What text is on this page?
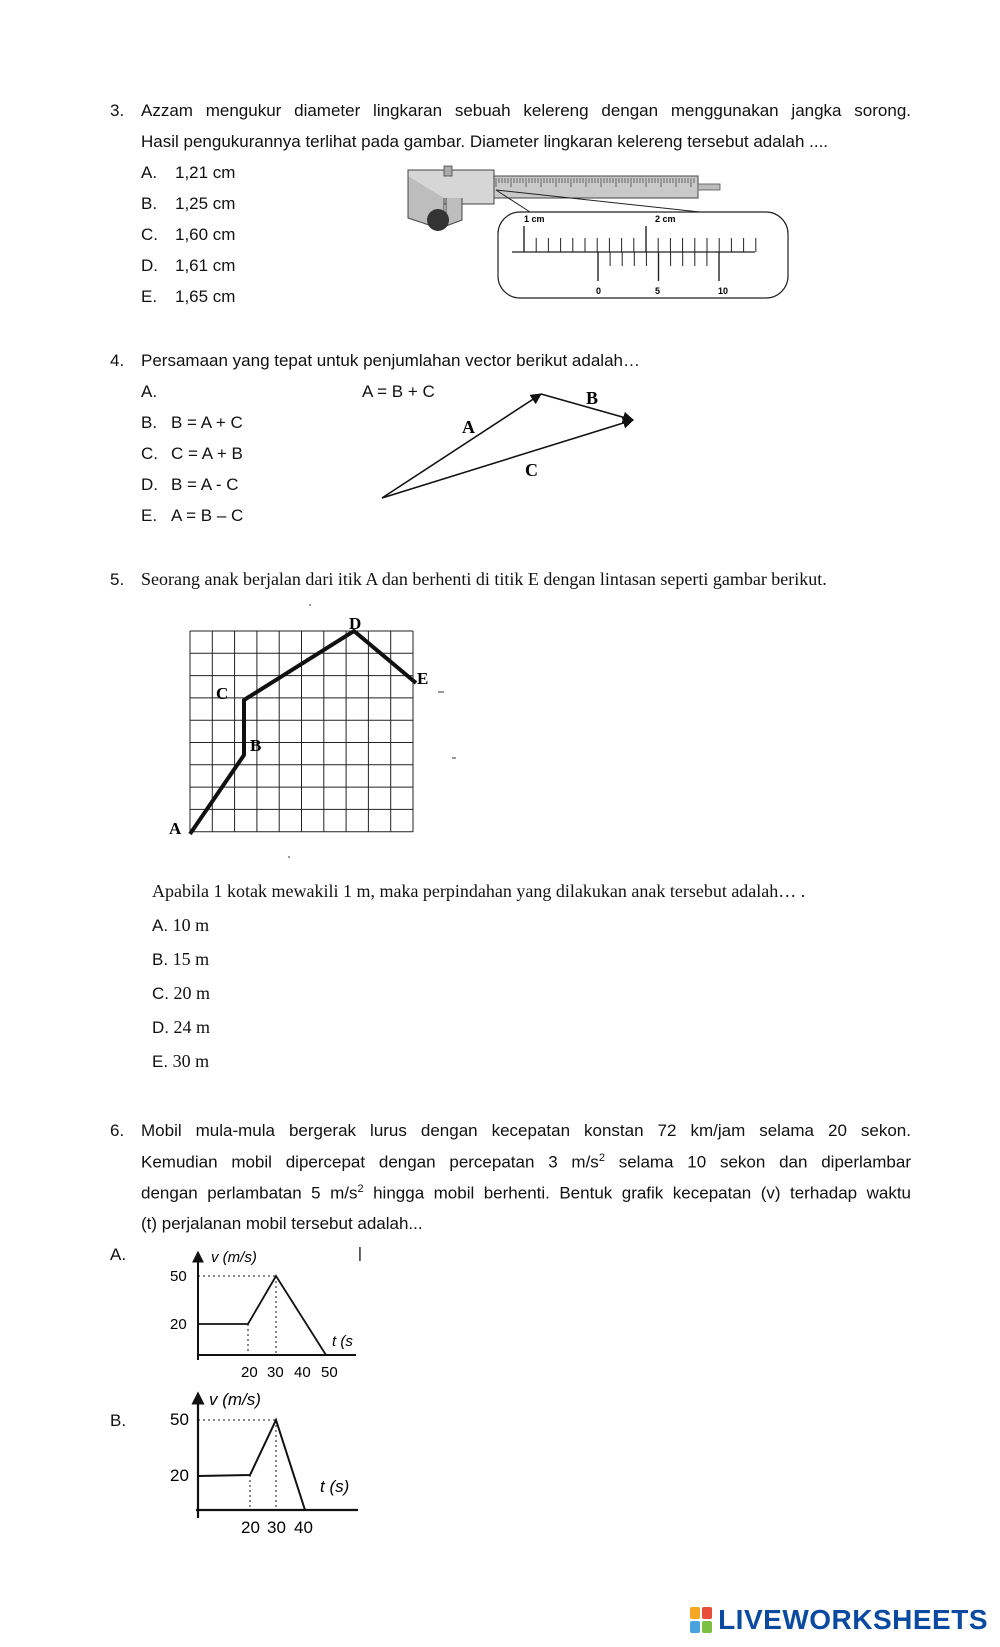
3. Azzam mengukur diameter lingkaran sebuah kelereng dengan menggunakan jangka sorong.
Hasil pengukurannya terlihat pada gambar. Diameter lingkaran kelereng tersebut adalah ....
A. 1,21 cm
B. 1,25 cm
C. 1,60 cm
D. 1,61 cm
E. 1,65 cm
1 cm	2 cm
0	5	10
4. Persamaan yang tepat untuk penjumlahan vector berikut adalah…
A.	A = B + C
B. B = A + C
C. C = A + B
D. B = A - C
E. A = B – C
A
B
C
5. Seorang anak berjalan dari itik A dan berhenti di titik E dengan lintasan seperti gambar berikut.
A
B
C
D
E
Apabila 1 kotak mewakili 1 m, maka perpindahan yang dilakukan anak tersebut adalah… .
A. 10 m
B. 15 m
C. 20 m
D. 24 m
E. 30 m
6. Mobil mula-mula bergerak lurus dengan kecepatan konstan 72 km/jam selama 20 sekon.
Kemudian mobil dipercepat dengan percepatan 3 $m/s^2$ selama 10 sekon dan diperlambar
dengan perlambatan 5 $m/s^2$ hingga mobil berhenti. Bentuk grafik kecepatan (v) terhadap waktu
(t) perjalanan mobil tersebut adalah...
A.
B.
v (m/s)
t (s
50
20
20 30 40 50
|
v (m/s)
t (s)
50
20
20 30 40
LIVEWORKSHEETS
